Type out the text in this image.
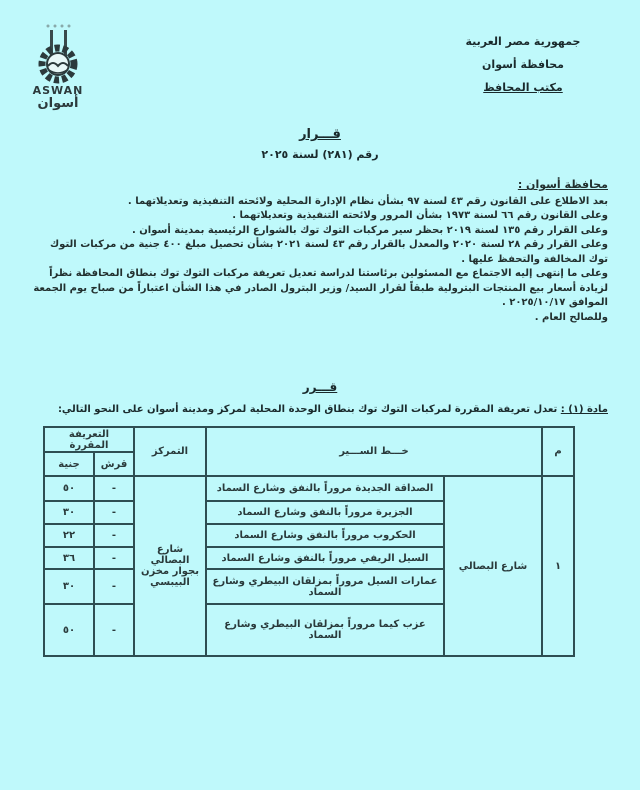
ASWAN
أسوان
جمهورية مصر العربية
محافظة أسوان
مكتب المحافظ
قـــرار
رقم (٢٨١) لسنة ٢٠٢٥
محافظة أسوان :

بعد الاطلاع على القانون رقم ٤٣ لسنة ٩٧ بشأن نظام الإدارة المحلية ولائحته التنفيذية وتعديلاتهما .

وعلى القانون رقم ٦٦ لسنة ١٩٧٣ بشأن المرور ولائحته التنفيذية وتعديلاتهما .

وعلى القرار رقم ١٣٥ لسنة ٢٠١٩ بحظر سير مركبات التوك توك بالشوارع الرئيسية بمدينة أسوان .

وعلى القرار رقم ٢٨ لسنة ٢٠٢٠ والمعدل بالقرار رقم ٤٣ لسنة ٢٠٢١ بشأن تحصيل مبلغ ٤٠٠ جنية من مركبات التوك توك المخالفة والتحفظ عليها .

وعلى ما إنتهى إليه الاجتماع مع المسئولين برئاستنا لدراسة تعديل تعريفة مركبات التوك توك بنطاق المحافظة نظراً لزيادة أسعار بيع المنتجات البترولية طبقاً لقرار السيد/ وزير البترول الصادر في هذا الشأن اعتباراً من صباح يوم الجمعة الموافق ٢٠٢٥/١٠/١٧ .

وللصالح العام .

قـــرر
مادة (١) : تعدل تعريفة المقررة لمركبات التوك توك بنطاق الوحدة المحلية لمركز ومدينة أسوان على النحو التالي:
م	خـــط الســـير		التمركز	التعريفة المقررة	
				قرش	جنية
١	شارع البصالي	الصداقة الجديدة مروراً بالنفق وشارع السماد	شارع البصالي بجوار مخزن البيبسي	-	٥٠
		الجزيرة مروراً بالنفق وشارع السماد		-	٣٠
		الحكروب مروراً بالنفق وشارع السماد		-	٢٢
		السيل الريفي مروراً بالنفق وشارع السماد		-	٣٦
		عمارات السيل مروراً بمزلقان البيطري وشارع السماد		-	٣٠
		عزب كيما مروراً بمزلقان البيطري وشارع السماد		-	٥٠
